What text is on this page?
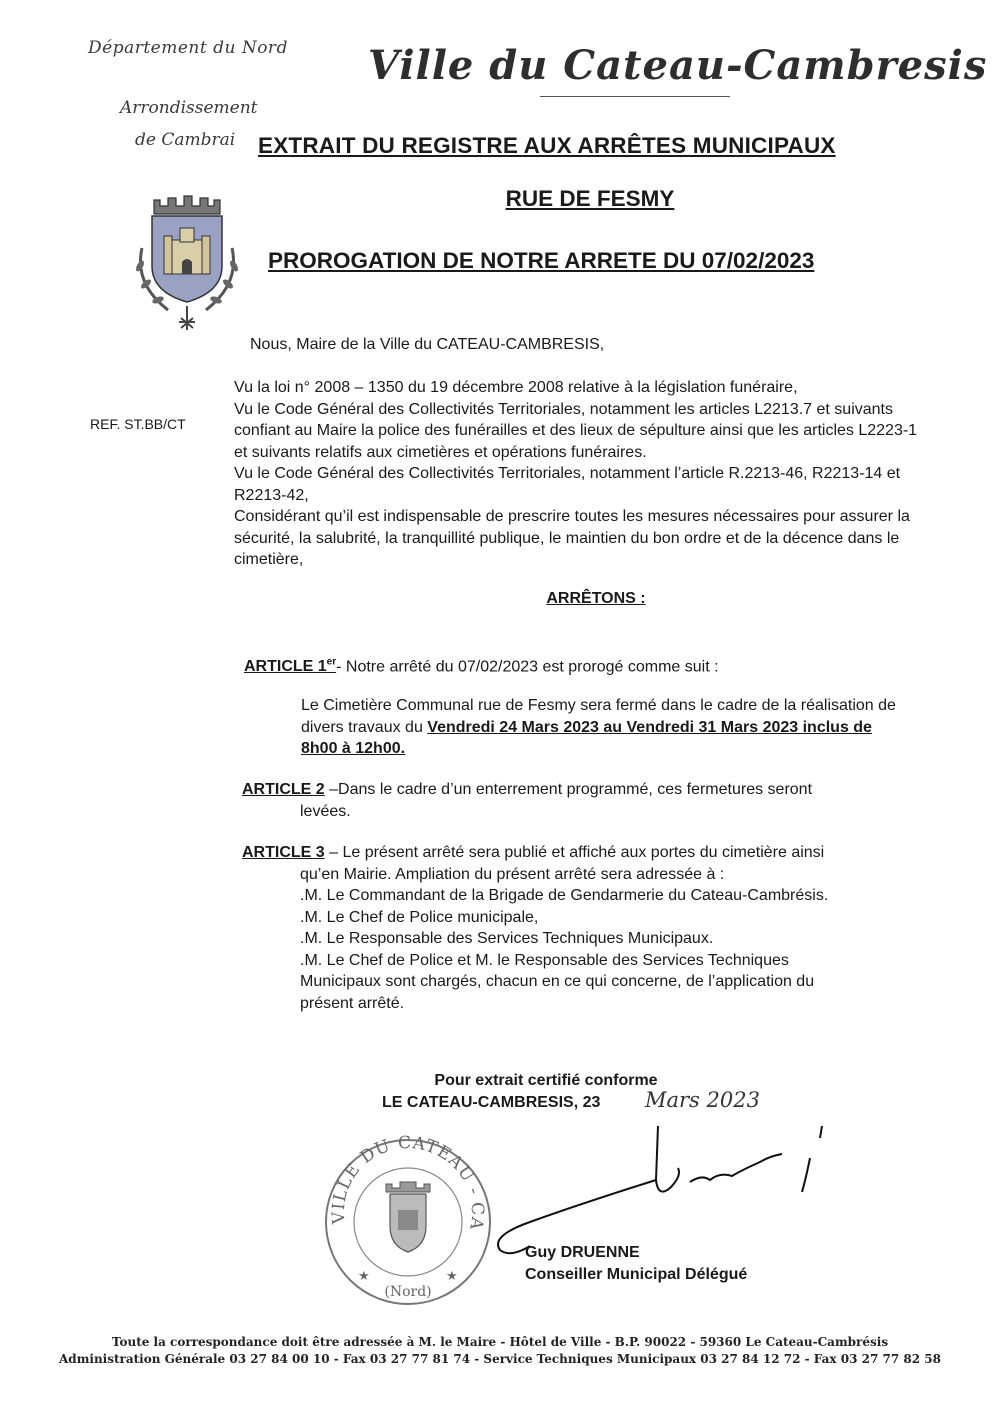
Département du Nord
Arrondissement
de Cambrai
Ville du Cateau-Cambresis
EXTRAIT DU REGISTRE AUX ARRÊTES MUNICIPAUX
RUE DE FESMY
PROROGATION DE NOTRE ARRETE DU 07/02/2023
REF. ST.BB/CT
Nous, Maire de la Ville du CATEAU-CAMBRESIS,

Vu la loi n° 2008 – 1350 du 19 décembre 2008 relative à la législation funéraire,

Vu le Code Général des Collectivités Territoriales, notamment les articles L2213.7 et suivants confiant au Maire la police des funérailles et des lieux de sépulture ainsi que les articles L2223-1 et suivants relatifs aux cimetières et opérations funéraires.

Vu le Code Général des Collectivités Territoriales, notamment l’article R.2213-46, R2213-14 et R2213-42,

Considérant qu’il est indispensable de prescrire toutes les mesures nécessaires pour assurer la sécurité, la salubrité, la tranquillité publique, le maintien du bon ordre et de la décence dans le cimetière,

ARRÊTONS :
ARTICLE 1er- Notre arrêté du 07/02/2023 est prorogé comme suit :
Le Cimetière Communal rue de Fesmy sera fermé dans le cadre de la réalisation de divers travaux du Vendredi 24 Mars 2023 au Vendredi 31 Mars 2023 inclus de 8h00 à 12h00.
ARTICLE 2 –Dans le cadre d’un enterrement programmé, ces fermetures seront
levées.
ARTICLE 3 – Le présent arrêté sera publié et affiché aux portes du cimetière ainsi
qu’en Mairie. Ampliation du présent arrêté sera adressée à :
.M. Le Commandant de la Brigade de Gendarmerie du Cateau-Cambrésis.
.M. Le Chef de Police municipale,
.M. Le Responsable des Services Techniques Municipaux.
.M. Le Chef de Police et M. le Responsable des Services Techniques
Municipaux sont chargés, chacun en ce qui concerne, de l’application du
présent arrêté.
Pour extrait certifié conforme
LE CATEAU-CAMBRESIS, 23 Mars 2023
VILLE DU CATEAU - CA
(Nord)
★	★
Guy DRUENNE
Conseiller Municipal Délégué
Toute la correspondance doit être adressée à M. le Maire - Hôtel de Ville - B.P. 90022 - 59360 Le Cateau-Cambrésis
Administration Générale 03 27 84 00 10 - Fax 03 27 77 81 74 - Service Techniques Municipaux 03 27 84 12 72 - Fax 03 27 77 82 58
